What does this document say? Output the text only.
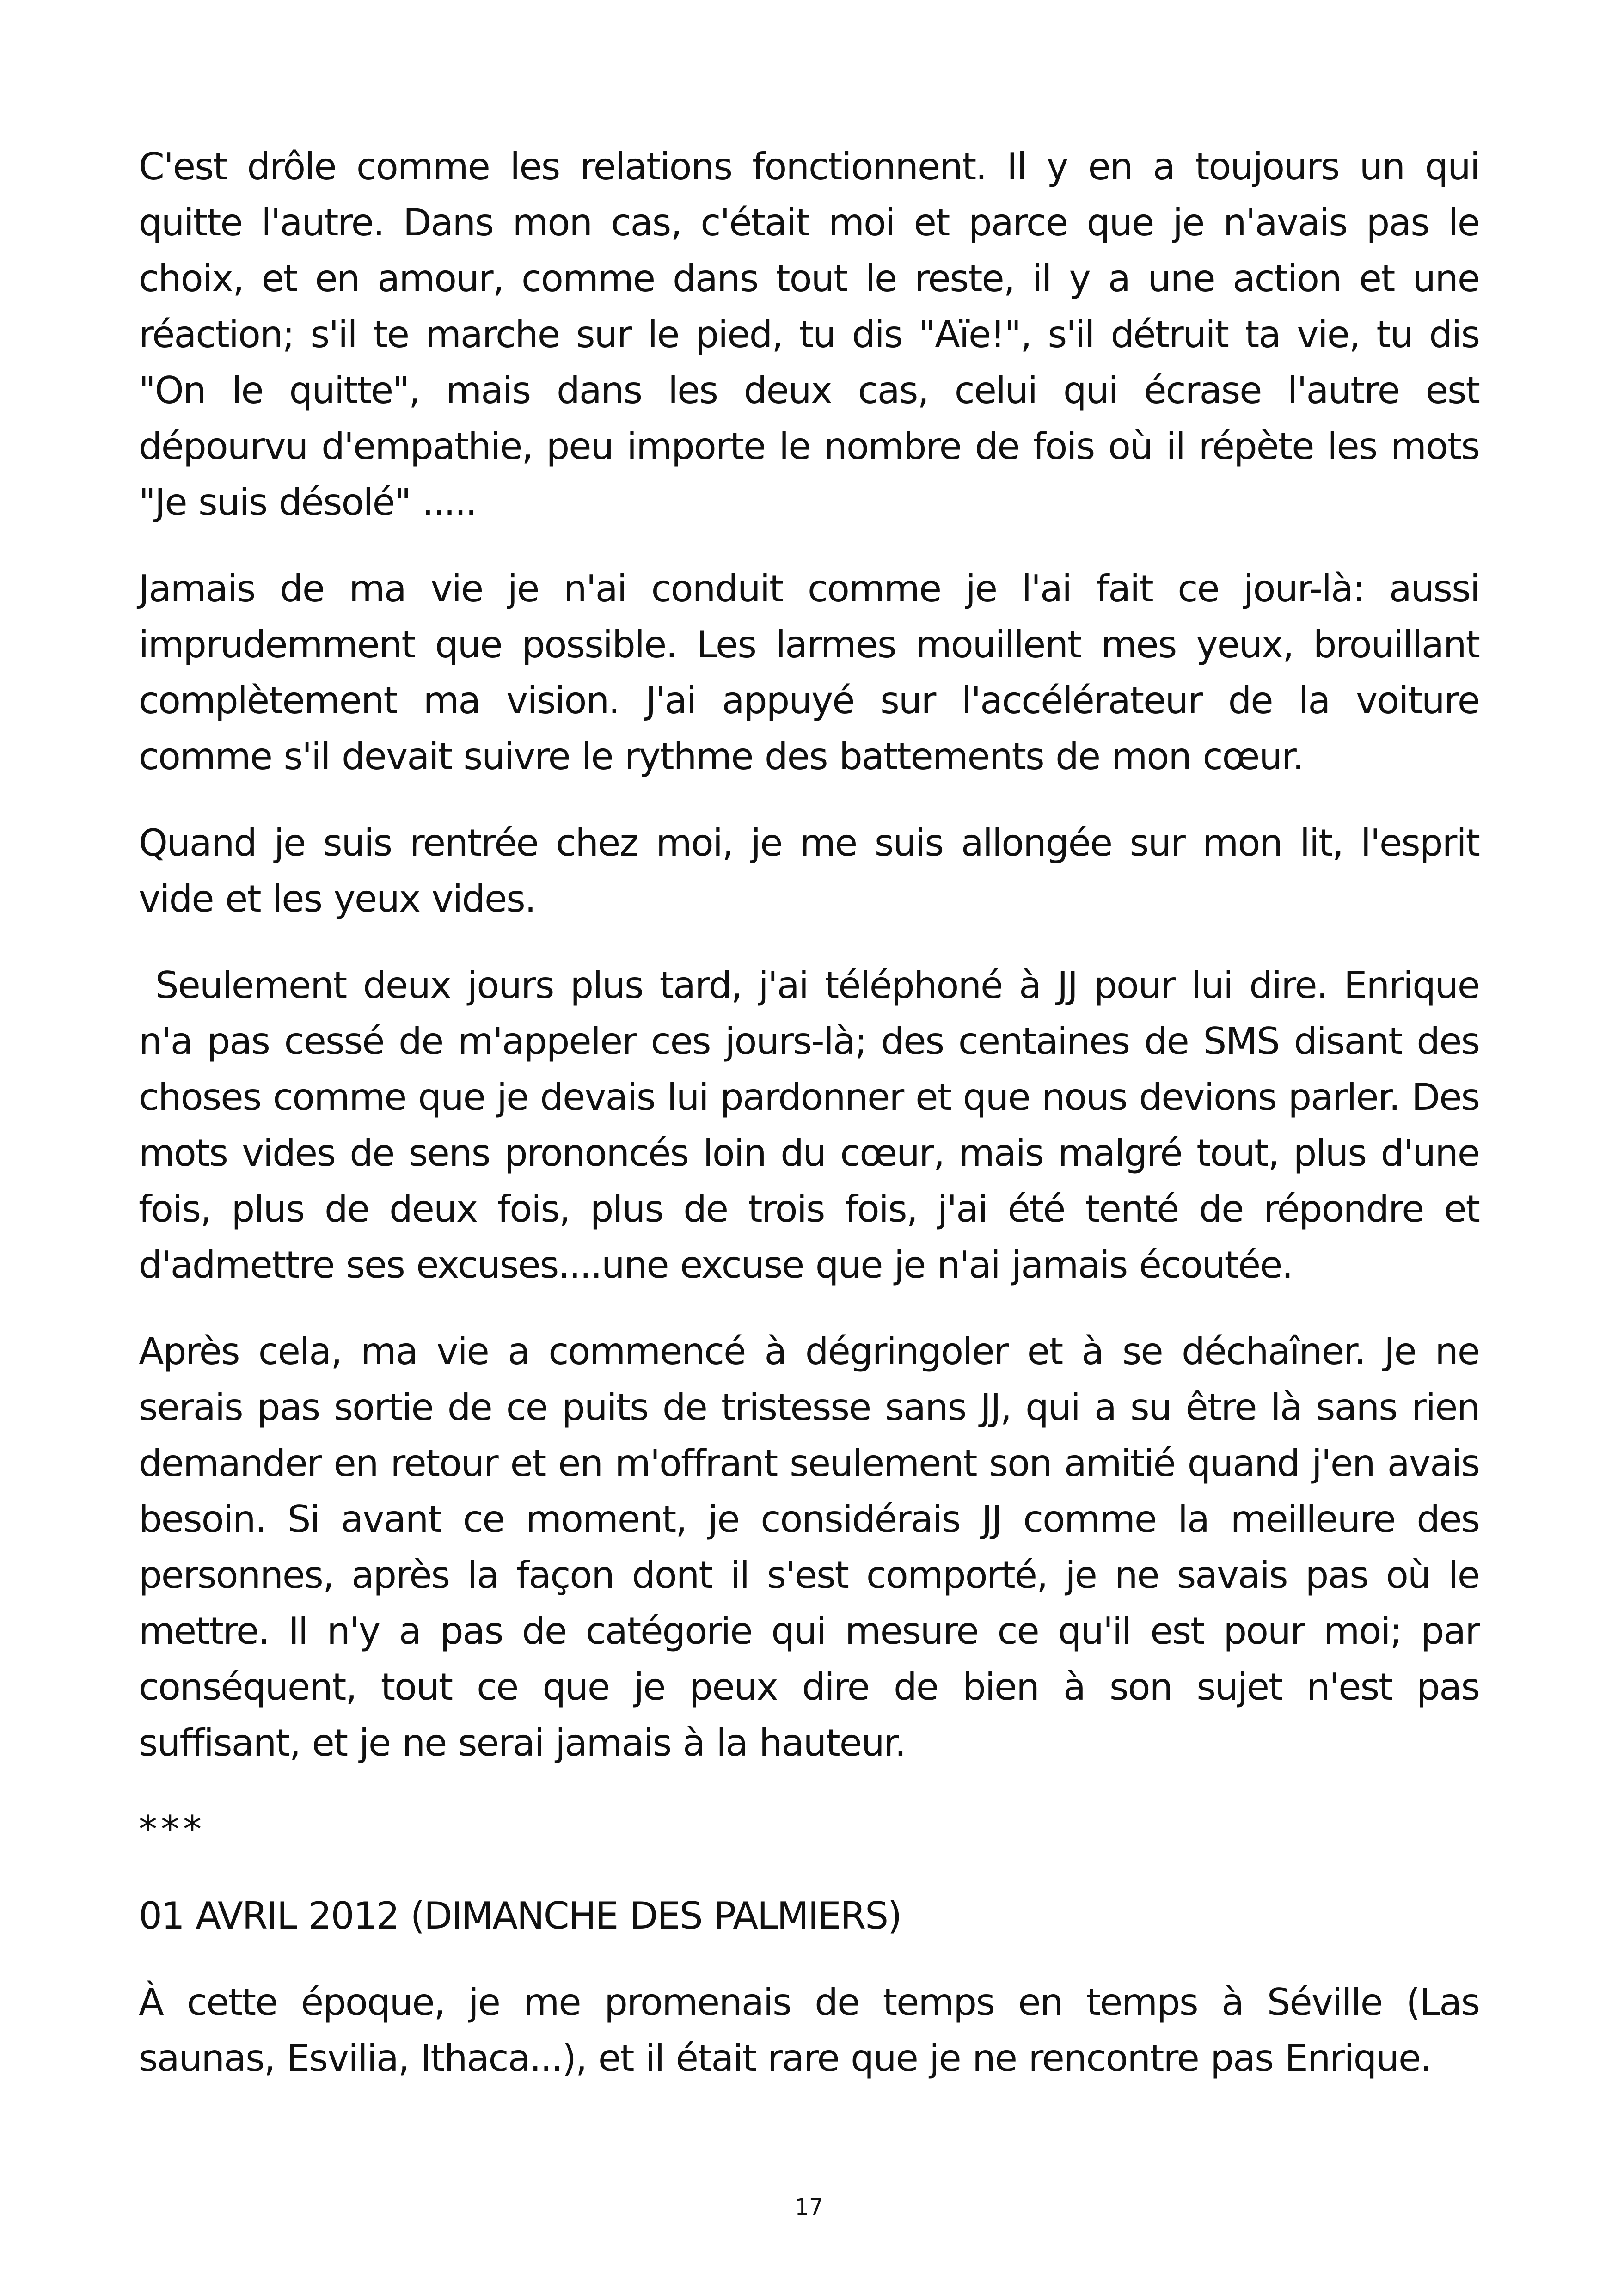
C'est drôle comme les relations fonctionnent. Il y en a toujours un qui quitte l'autre. Dans mon cas, c'était moi et parce que je n'avais pas le choix, et en amour, comme dans tout le reste, il y a une action et une réaction; s'il te marche sur le pied, tu dis "Aïe!", s'il détruit ta vie, tu dis "On le quitte", mais dans les deux cas, celui qui écrase l'autre est dépourvu d'empathie, peu importe le nombre de fois où il répète les mots "Je suis désolé" .....

Jamais de ma vie je n'ai conduit comme je l'ai fait ce jour-là: aussi imprudemment que possible. Les larmes mouillent mes yeux, brouillant complètement ma vision. J'ai appuyé sur l'accélérateur de la voiture comme s'il devait suivre le rythme des battements de mon cœur.

Quand je suis rentrée chez moi, je me suis allongée sur mon lit, l'esprit vide et les yeux vides.

Seulement deux jours plus tard, j'ai téléphoné à JJ pour lui dire. Enrique n'a pas cessé de m'appeler ces jours-là; des centaines de SMS disant des choses comme que je devais lui pardonner et que nous devions parler. Des mots vides de sens prononcés loin du cœur, mais malgré tout, plus d'une fois, plus de deux fois, plus de trois fois, j'ai été tenté de répondre et d'admettre ses excuses....une excuse que je n'ai jamais écoutée.

Après cela, ma vie a commencé à dégringoler et à se déchaîner. Je ne serais pas sortie de ce puits de tristesse sans JJ, qui a su être là sans rien demander en retour et en m'offrant seulement son amitié quand j'en avais besoin. Si avant ce moment, je considérais JJ comme la meilleure des personnes, après la façon dont il s'est comporté, je ne savais pas où le mettre. Il n'y a pas de catégorie qui mesure ce qu'il est pour moi; par conséquent, tout ce que je peux dire de bien à son sujet n'est pas suffisant, et je ne serai jamais à la hauteur.

***

01 AVRIL 2012 (DIMANCHE DES PALMIERS)

À cette époque, je me promenais de temps en temps à Séville (Las saunas, Esvilia, Ithaca...), et il était rare que je ne rencontre pas Enrique.

17
